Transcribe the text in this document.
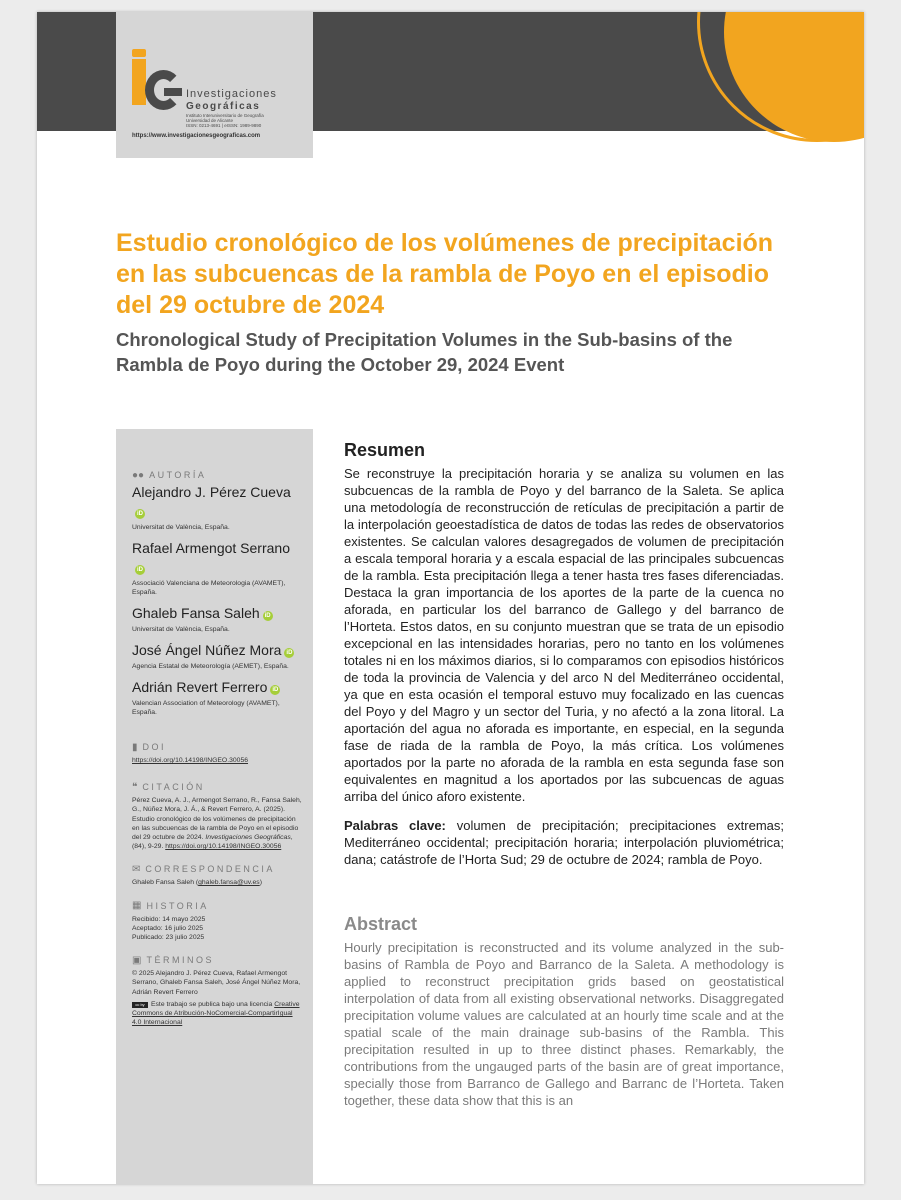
Investigaciones
Geográficas
Instituto Interuniversitario de Geografía
Universidad de Alicante
ISSN: 0213-4691 | eISSN: 1989-9890
https://www.investigacionesgeograficas.com
Estudio cronológico de los volúmenes de precipitación en las subcuencas de la rambla de Poyo en el episodio del 29 octubre de 2024
Chronological Study of Precipitation Volumes in the Sub-basins of the Rambla de Poyo during the October 29, 2024 Event
●● AUTORÍA

Alejandro J. Pérez CuevaiD

Universitat de València, España.

Rafael Armengot SerranoiD

Associació Valenciana de Meteorologia (AVAMET), España.

Ghaleb Fansa Saleh iD

Universitat de València, España.

José Ángel Núñez Mora iD

Agencia Estatal de Meteorología (AEMET), España.

Adrián Revert Ferrero iD

Valencian Association of Meteorology (AVAMET), España.

▮ DOI

https://doi.org/10.14198/INGEO.30056

❝ CITACIÓN

Pérez Cueva, A. J., Armengot Serrano, R., Fansa Saleh, G., Núñez Mora, J. Á., & Revert Ferrero, A. (2025). Estudio cronológico de los volúmenes de precipitación en las subcuencas de la rambla de Poyo en el episodio del 29 octubre de 2024. Investigaciones Geográficas, (84), 9-29. https://doi.org/10.14198/INGEO.30056

✉ CORRESPONDENCIA

Ghaleb Fansa Saleh (ghaleb.fansa@uv.es)

▦ HISTORIA

Recibido: 14 mayo 2025
Aceptado: 16 julio 2025
Publicado: 23 julio 2025

▣ TÉRMINOS

© 2025 Alejandro J. Pérez Cueva, Rafael Armengot Serrano, Ghaleb Fansa Saleh, José Ángel Núñez Mora, Adrián Revert Ferrero

cc by Este trabajo se publica bajo una licencia Creative Commons de Atribución-NoComercial-CompartirIgual 4.0 Internacional

Resumen

Se reconstruye la precipitación horaria y se analiza su volumen en las subcuencas de la rambla de Poyo y del barranco de la Saleta. Se aplica una metodología de reconstrucción de retículas de precipitación a partir de la interpolación geoestadística de datos de todas las redes de observatorios existentes. Se calculan valores desagregados de volumen de precipitación a escala temporal horaria y a escala espacial de las principales subcuencas de la rambla. Esta precipitación llega a tener hasta tres fases diferenciadas. Destaca la gran importancia de los aportes de la parte de la cuenca no aforada, en particular los del barranco de Gallego y del barranco de l’Horteta. Estos datos, en su conjunto muestran que se trata de un episodio excepcional en las intensidades horarias, pero no tanto en los volúmenes totales ni en los máximos diarios, si lo comparamos con episodios históricos de toda la provincia de Valencia y del arco N del Mediterráneo occidental, ya que en esta ocasión el temporal estuvo muy focalizado en las cuencas del Poyo y del Magro y un sector del Turia, y no afectó a la zona litoral. La aportación del agua no aforada es importante, en especial, en la segunda fase de riada de la rambla de Poyo, la más crítica. Los volúmenes aportados por la parte no aforada de la rambla en esta segunda fase son equivalentes en magnitud a los aportados por las subcuencas de aguas arriba del único aforo existente.

Palabras clave: volumen de precipitación; precipitaciones extremas; Mediterráneo occidental; precipitación horaria; interpolación pluviométrica; dana; catástrofe de l’Horta Sud; 29 de octubre de 2024; rambla de Poyo.

Abstract

Hourly precipitation is reconstructed and its volume analyzed in the sub-basins of Rambla de Poyo and Barranco de la Saleta. A methodology is applied to reconstruct precipitation grids based on geostatistical interpolation of data from all existing observational networks. Disaggregated precipitation volume values are calculated at an hourly time scale and at the spatial scale of the main drainage sub-basins of the Rambla. This precipitation resulted in up to three distinct phases. Remarkably, the contributions from the ungauged parts of the basin are of great importance, specially those from Barranco de Gallego and Barranc de l’Horteta. Taken together, these data show that this is an
